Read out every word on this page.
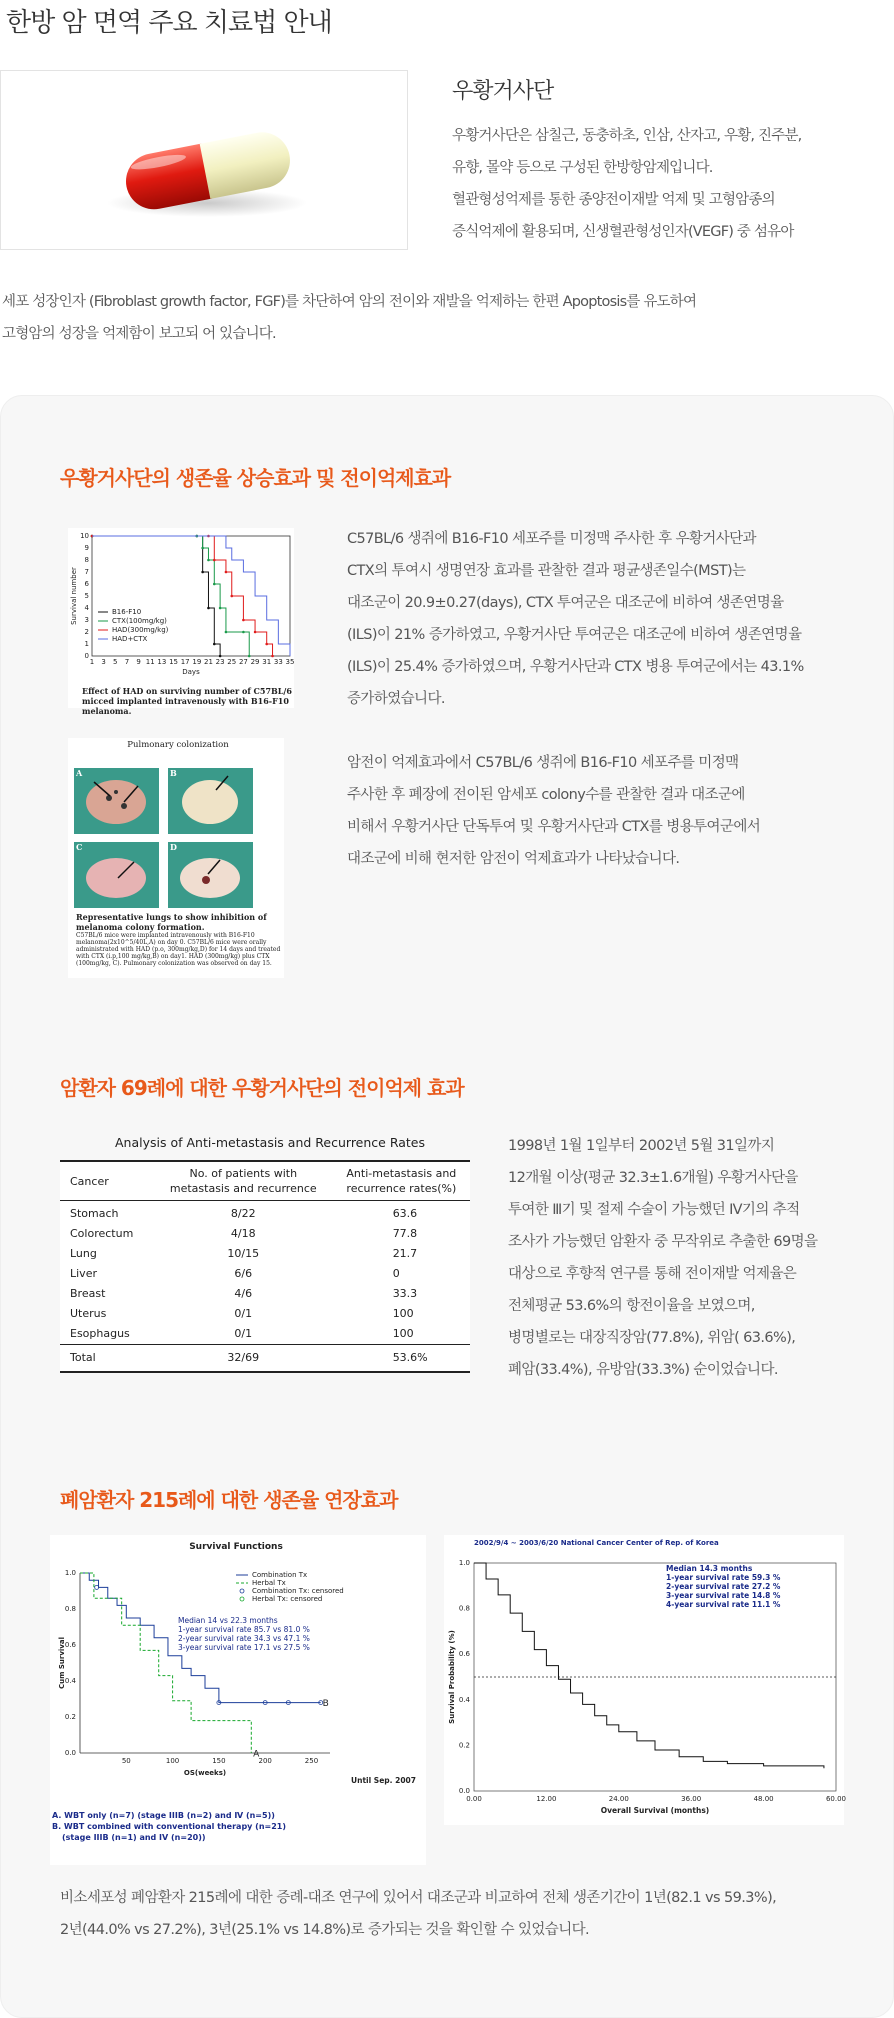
한방 암 면역 주요 치료법 안내
우황거사단
우황거사단은 삼칠근, 동충하초, 인삼, 산자고, 우황, 진주분,
유향, 몰약 등으로 구성된 한방항암제입니다.
혈관형성억제를 통한 종양전이재발 억제 및 고형암종의
증식억제에 활용되며, 신생혈관형성인자(VEGF) 중 섬유아
세포 성장인자 (Fibroblast growth factor, FGF)를 차단하여 암의 전이와 재발을 억제하는 한편 Apoptosis를 유도하여
고형암의 성장을 억제함이 보고되 어 있습니다.
우황거사단의 생존율 상승효과 및 전이억제효과
1 3 5 7 9 11 13 15 17 19 21 23 25 27 29 31 33 35
0
1
2
3
4
5
6
7
8
9
10
B16-F10
CTX(100mg/kg)
HAD(300mg/kg)
HAD+CTX
Survival number
Days
Effect of HAD on surviving number of C57BL/6 micced implanted intravenously with B16-F10 melanoma.
C57BL/6 생쥐에 B16-F10 세포주를 미정맥 주사한 후 우황거사단과
CTX의 투여시 생명연장 효과를 관찰한 결과 평균생존일수(MST)는
대조군이 20.9±0.27(days), CTX 투여군은 대조군에 비하여 생존연명율
(ILS)이 21% 증가하였고, 우황거사단 투여군은 대조군에 비하여 생존연명율
(ILS)이 25.4% 증가하였으며, 우황거사단과 CTX 병용 투여군에서는 43.1%
증가하였습니다.
Pulmonary colonization
A	B
C	D
Representative lungs to show inhibition of melanoma colony formation.
C57BL/6 mice were implanted intravenously with B16-F10 melanoma(2x10^5/40L,A) on day 0. C57BL/6 mice were orally administrated with HAD (p.o, 300mg/kg,D) for 14 days and treated with CTX (i.p,100 mg/kg,B) on day1. HAD (300mg/kg) plus CTX (100mg/kg, C). Pulmonary colonization was observed on day 15.
암전이 억제효과에서 C57BL/6 생쥐에 B16-F10 세포주를 미정맥
주사한 후 폐장에 전이된 암세포 colony수를 관찰한 결과 대조군에
비해서 우황거사단 단독투여 및 우황거사단과 CTX를 병용투여군에서
대조군에 비해 현저한 암전이 억제효과가 나타났습니다.
암환자 69례에 대한 우황거사단의 전이억제 효과
Analysis of Anti-metastasis and Recurrence Rates
Cancer	No. of patients with
metastasis and recurrence	Anti-metastasis and
recurrence rates(%)
Stomach	8/22	63.6
Colorectum	4/18	77.8
Lung	10/15	21.7
Liver	6/6	0
Breast	4/6	33.3
Uterus	0/1	100
Esophagus	0/1	100
Total	32/69	53.6%
1998년 1월 1일부터 2002년 5월 31일까지
12개월 이상(평균 32.3±1.6개월) 우황거사단을
투여한 Ⅲ기 및 절제 수술이 가능했던 Ⅳ기의 추적
조사가 가능했던 암환자 중 무작위로 추출한 69명을
대상으로 후향적 연구를 통해 전이재발 억제율은
전체평균 53.6%의 항전이율을 보였으며,
병명별로는 대장직장암(77.8%), 위암( 63.6%),
폐암(33.4%), 유방암(33.3%) 순이었습니다.
폐암환자 215례에 대한 생존율 연장효과
Survival Functions
0.0
0.2
0.4
0.6
0.8
1.0
50	100	150	200	250
B
A
Combination Tx
Herbal Tx
Combination Tx: censored
Herbal Tx: censored
Median 14 vs 22.3 months
1-year survival rate 85.7 vs 81.0 %
2-year survival rate 34.3 vs 47.1 %
3-year survival rate 17.1 vs 27.5 %
Cum Survival
OS(weeks)
Until Sep. 2007
A. WBT only (n=7) (stage IIIB (n=2) and Ⅳ (n=5))
B. WBT combined with conventional therapy (n=21)
(stage IIIB (n=1) and IV (n=20))
2002/9/4 ~ 2003/6/20 National Cancer Center of Rep. of Korea
0.0
0.2
0.4
0.6
0.8
1.0
0.00	12.00	24.00	36.00	48.00	60.00
Median 14.3 months
1-year survival rate 59.3 %
2-year survival rate 27.2 %
3-year survival rate 14.8 %
4-year survival rate 11.1 %
Survival Probability (%)
Overall Survival (months)
비소세포성 폐암환자 215례에 대한 증례-대조 연구에 있어서 대조군과 비교하여 전체 생존기간이 1년(82.1 vs 59.3%),
2년(44.0% vs 27.2%), 3년(25.1% vs 14.8%)로 증가되는 것을 확인할 수 있었습니다.
